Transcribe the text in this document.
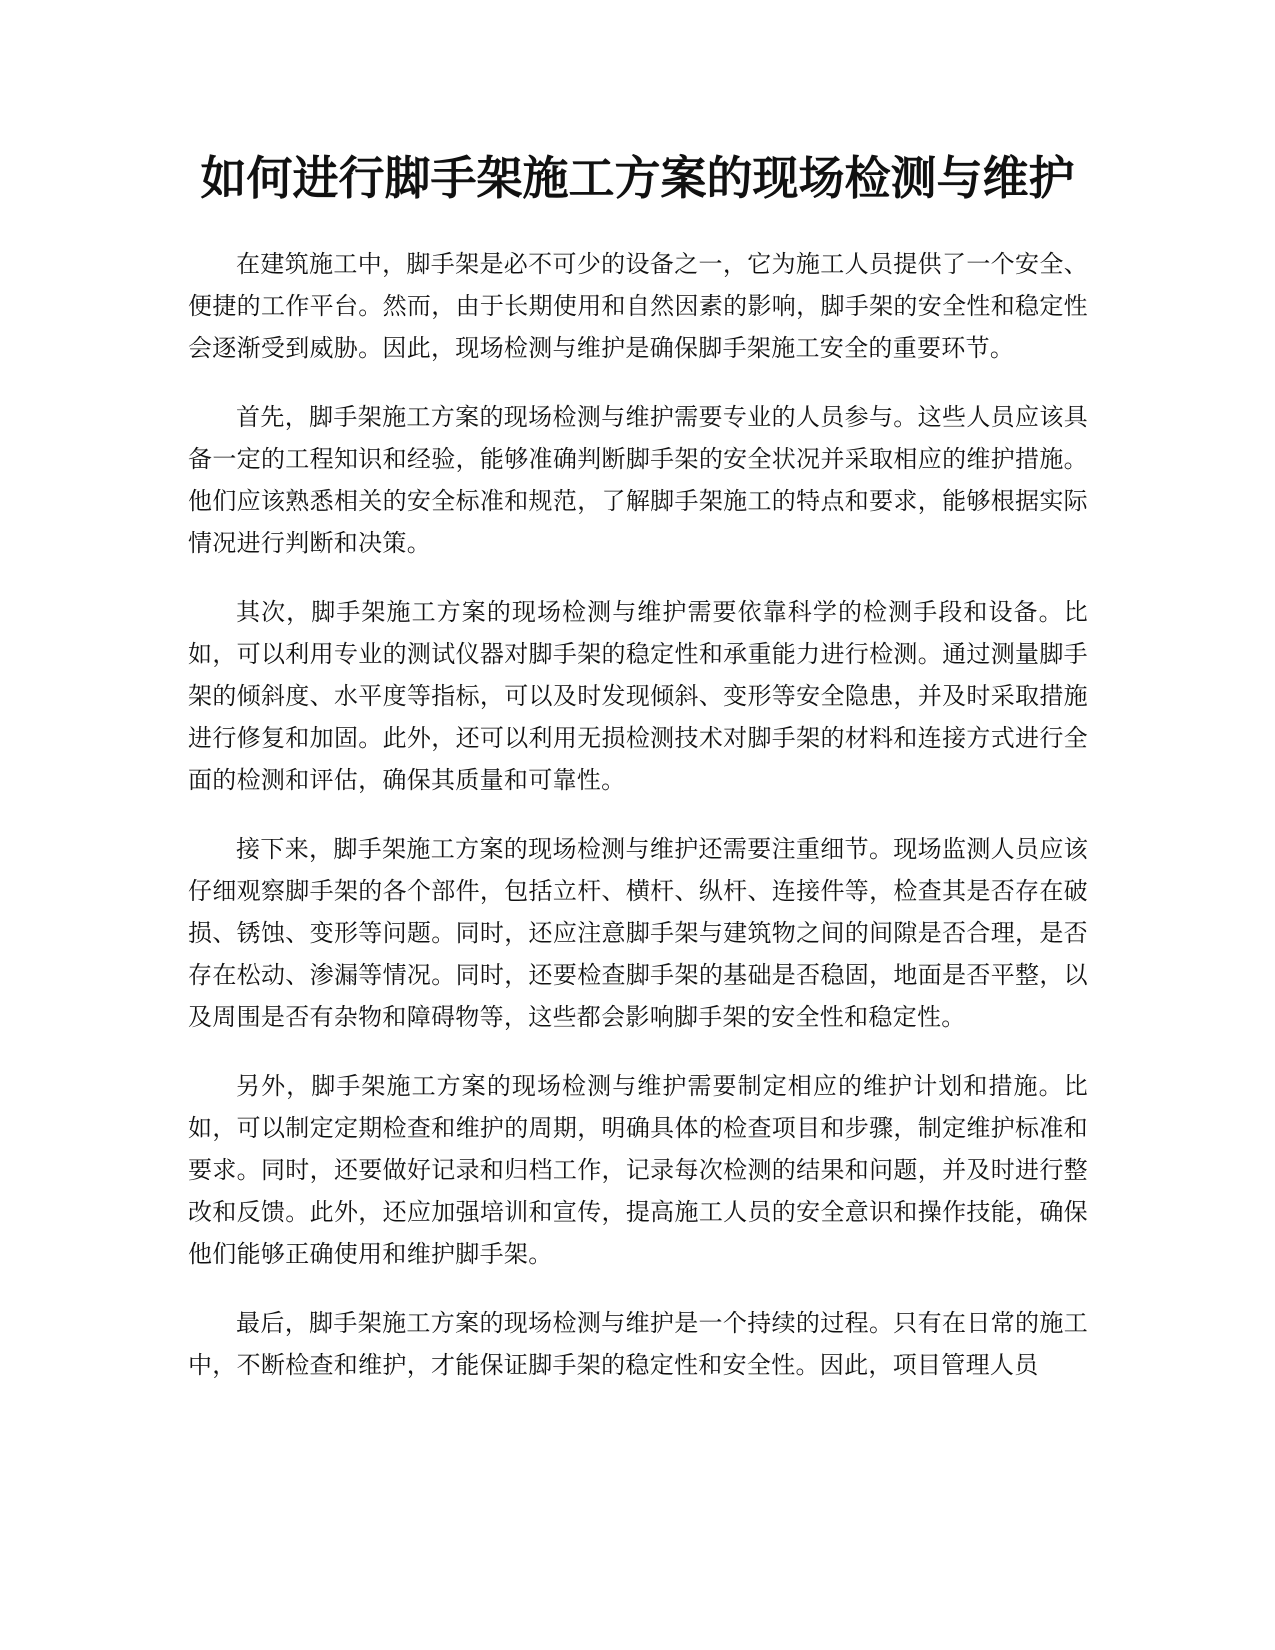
如何进行脚手架施工方案的现场检测与维护

在建筑施工中，脚手架是必不可少的设备之一，它为施工人员提供了一个安全、便捷的工作平台。然而，由于长期使用和自然因素的影响，脚手架的安全性和稳定性会逐渐受到威胁。因此，现场检测与维护是确保脚手架施工安全的重要环节。

首先，脚手架施工方案的现场检测与维护需要专业的人员参与。这些人员应该具备一定的工程知识和经验，能够准确判断脚手架的安全状况并采取相应的维护措施。他们应该熟悉相关的安全标准和规范，了解脚手架施工的特点和要求，能够根据实际情况进行判断和决策。

其次，脚手架施工方案的现场检测与维护需要依靠科学的检测手段和设备。比如，可以利用专业的测试仪器对脚手架的稳定性和承重能力进行检测。通过测量脚手架的倾斜度、水平度等指标，可以及时发现倾斜、变形等安全隐患，并及时采取措施进行修复和加固。此外，还可以利用无损检测技术对脚手架的材料和连接方式进行全面的检测和评估，确保其质量和可靠性。

接下来，脚手架施工方案的现场检测与维护还需要注重细节。现场监测人员应该仔细观察脚手架的各个部件，包括立杆、横杆、纵杆、连接件等，检查其是否存在破损、锈蚀、变形等问题。同时，还应注意脚手架与建筑物之间的间隙是否合理，是否存在松动、渗漏等情况。同时，还要检查脚手架的基础是否稳固，地面是否平整，以及周围是否有杂物和障碍物等，这些都会影响脚手架的安全性和稳定性。

另外，脚手架施工方案的现场检测与维护需要制定相应的维护计划和措施。比如，可以制定定期检查和维护的周期，明确具体的检查项目和步骤，制定维护标准和要求。同时，还要做好记录和归档工作，记录每次检测的结果和问题，并及时进行整改和反馈。此外，还应加强培训和宣传，提高施工人员的安全意识和操作技能，确保他们能够正确使用和维护脚手架。

最后，脚手架施工方案的现场检测与维护是一个持续的过程。只有在日常的施工中，不断检查和维护，才能保证脚手架的稳定性和安全性。因此，项目管理人员
